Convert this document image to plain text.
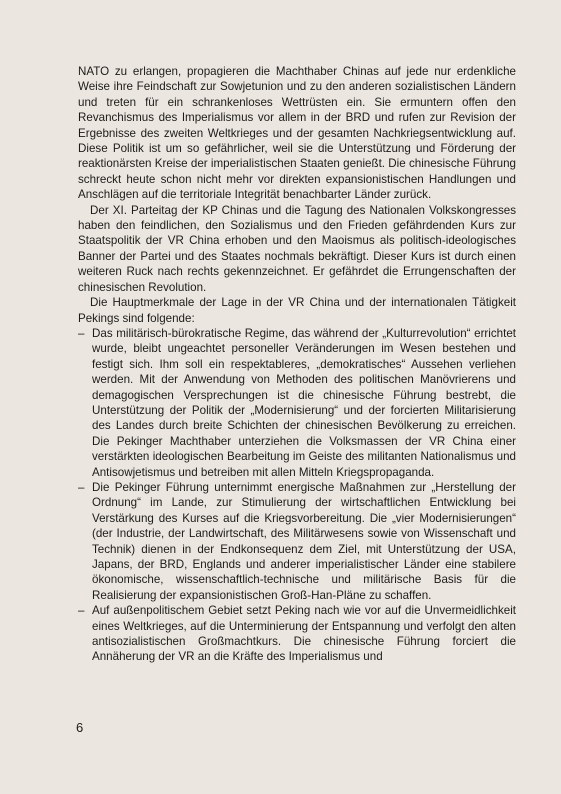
NATO zu erlangen, propagieren die Machthaber Chinas auf jede nur erdenkliche Weise ihre Feindschaft zur Sowjetunion und zu den anderen sozialistischen Ländern und treten für ein schrankenloses Wettrüsten ein. Sie ermuntern offen den Revanchismus des Imperialismus vor allem in der BRD und rufen zur Revision der Ergebnisse des zweiten Weltkrieges und der gesamten Nachkriegsentwicklung auf. Diese Politik ist um so gefährlicher, weil sie die Unterstützung und Förderung der reaktionärsten Kreise der imperialistischen Staaten genießt. Die chinesische Führung schreckt heute schon nicht mehr vor direkten expansionistischen Handlungen und Anschlägen auf die territoriale Integrität benachbarter Länder zurück.

Der XI. Parteitag der KP Chinas und die Tagung des Nationalen Volkskongresses haben den feindlichen, den Sozialismus und den Frieden gefährdenden Kurs zur Staatspolitik der VR China erhoben und den Maoismus als politisch-ideologisches Banner der Partei und des Staates nochmals bekräftigt. Dieser Kurs ist durch einen weiteren Ruck nach rechts gekennzeichnet. Er gefährdet die Errungenschaften der chinesischen Revolution.

Die Hauptmerkmale der Lage in der VR China und der internationalen Tätigkeit Pekings sind folgende:

– Das militärisch-bürokratische Regime, das während der „Kulturrevolution“ errichtet wurde, bleibt ungeachtet personeller Veränderungen im Wesen bestehen und festigt sich. Ihm soll ein respektableres, „demokratisches“ Aussehen verliehen werden. Mit der Anwendung von Methoden des politischen Manövrierens und demagogischen Versprechungen ist die chinesische Führung bestrebt, die Unterstützung der Politik der „Modernisierung“ und der forcierten Militarisierung des Landes durch breite Schichten der chinesischen Bevölkerung zu erreichen. Die Pekinger Machthaber unterziehen die Volksmassen der VR China einer verstärkten ideologischen Bearbeitung im Geiste des militanten Nationalismus und Antisowjetismus und betreiben mit allen Mitteln Kriegspropaganda.
– Die Pekinger Führung unternimmt energische Maßnahmen zur „Herstellung der Ordnung“ im Lande, zur Stimulierung der wirtschaftlichen Entwicklung bei Verstärkung des Kurses auf die Kriegsvorbereitung. Die „vier Modernisierungen“ (der Industrie, der Landwirtschaft, des Militärwesens sowie von Wissenschaft und Technik) dienen in der Endkonsequenz dem Ziel, mit Unterstützung der USA, Japans, der BRD, Englands und anderer imperialistischer Länder eine stabilere ökonomische, wissenschaftlich-technische und militärische Basis für die Realisierung der expansionistischen Groß-Han-Pläne zu schaffen.
– Auf außenpolitischem Gebiet setzt Peking nach wie vor auf die Unvermeidlichkeit eines Weltkrieges, auf die Unterminierung der Entspannung und verfolgt den alten antisozialistischen Großmachtkurs. Die chinesische Führung forciert die Annäherung der VR an die Kräfte des Imperialismus und
6
